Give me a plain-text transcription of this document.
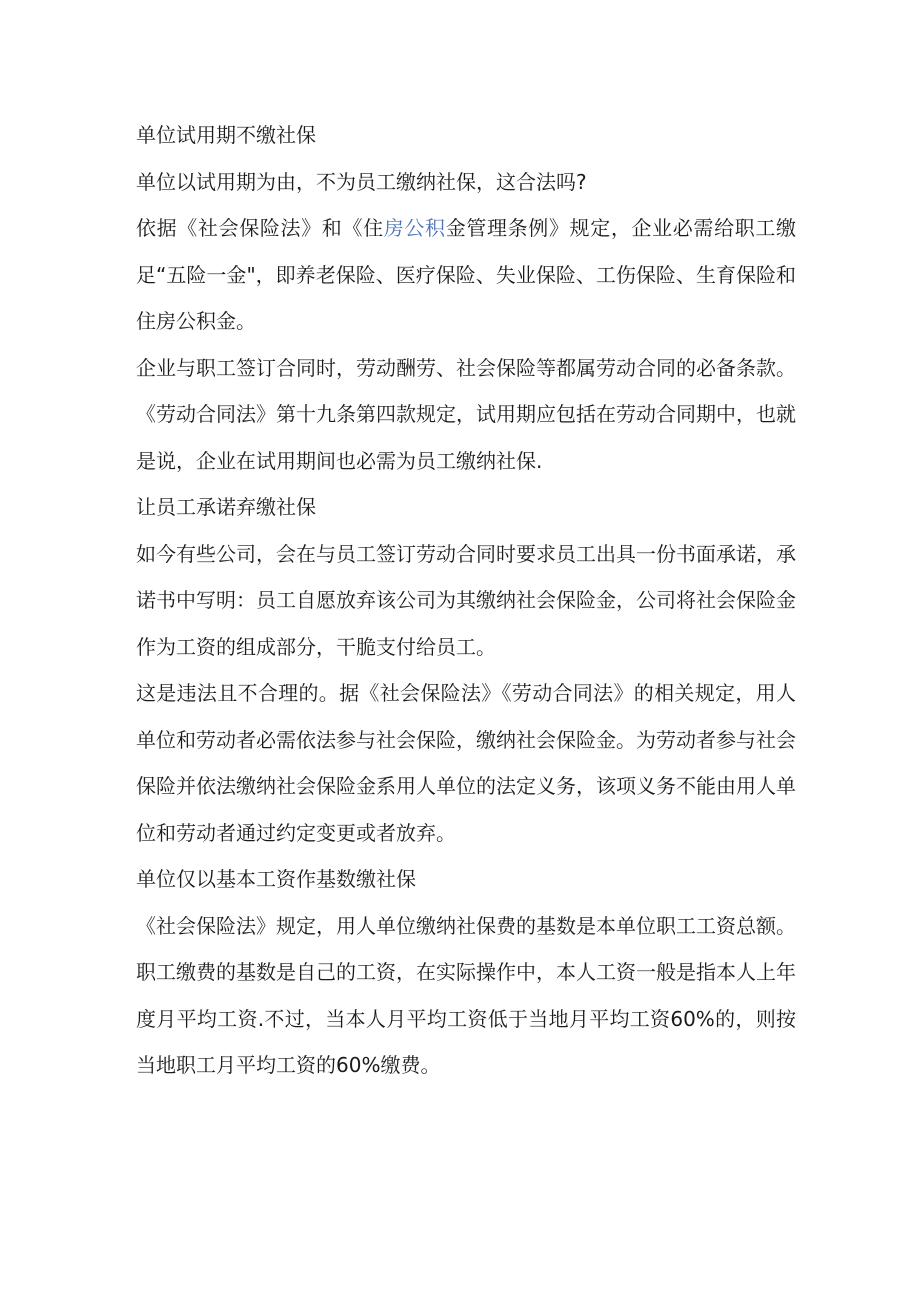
单位试用期不缴社保

单位以试用期为由，不为员工缴纳社保，这合法吗?

依据《社会保险法》和《住房公积金管理条例》规定，企业必需给职工缴足“五险一金"，即养老保险、医疗保险、失业保险、工伤保险、生育保险和住房公积金。

企业与职工签订合同时，劳动酬劳、社会保险等都属劳动合同的必备条款。

《劳动合同法》第十九条第四款规定，试用期应包括在劳动合同期中，也就是说，企业在试用期间也必需为员工缴纳社保.

让员工承诺弃缴社保

如今有些公司，会在与员工签订劳动合同时要求员工出具一份书面承诺，承诺书中写明：员工自愿放弃该公司为其缴纳社会保险金，公司将社会保险金作为工资的组成部分，干脆支付给员工。

这是违法且不合理的。据《社会保险法》《劳动合同法》的相关规定，用人单位和劳动者必需依法参与社会保险，缴纳社会保险金。为劳动者参与社会保险并依法缴纳社会保险金系用人单位的法定义务，该项义务不能由用人单位和劳动者通过约定变更或者放弃。

单位仅以基本工资作基数缴社保

《社会保险法》规定，用人单位缴纳社保费的基数是本单位职工工资总额。

职工缴费的基数是自己的工资，在实际操作中，本人工资一般是指本人上年度月平均工资.不过，当本人月平均工资低于当地月平均工资60%的，则按当地职工月平均工资的60%缴费。
